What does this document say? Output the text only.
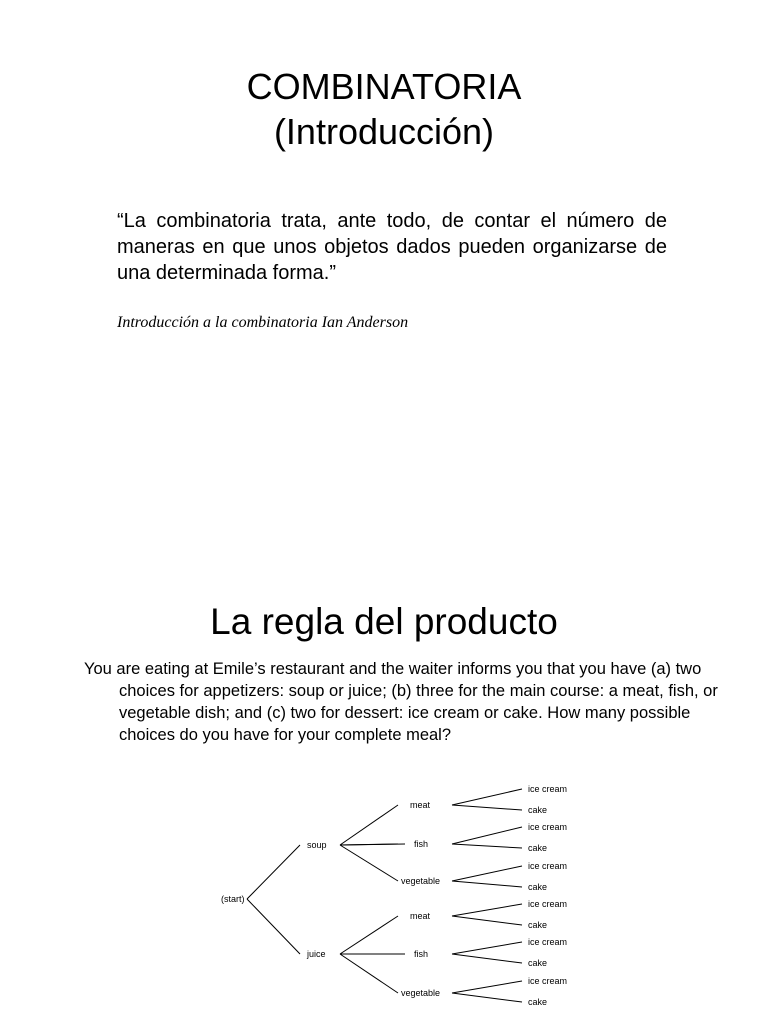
COMBINATORIA
(Introducción)
“La combinatoria trata, ante todo, de contar el número de maneras en que unos objetos dados pueden organizarse de una determinada forma.”
Introducción a la combinatoria Ian Anderson
La regla del producto
You are eating at Emile’s restaurant and the waiter informs you that you have (a) two choices for appetizers: soup or juice; (b) three for the main course: a meat, fish, or vegetable dish; and (c) two for dessert: ice cream or cake. How many possible choices do you have for your complete meal?
(start)
soup
juice
meat
fish
vegetable
meat
fish
vegetable
ice cream
cake
ice cream
cake
ice cream
cake
ice cream
cake
ice cream
cake
ice cream
cake
